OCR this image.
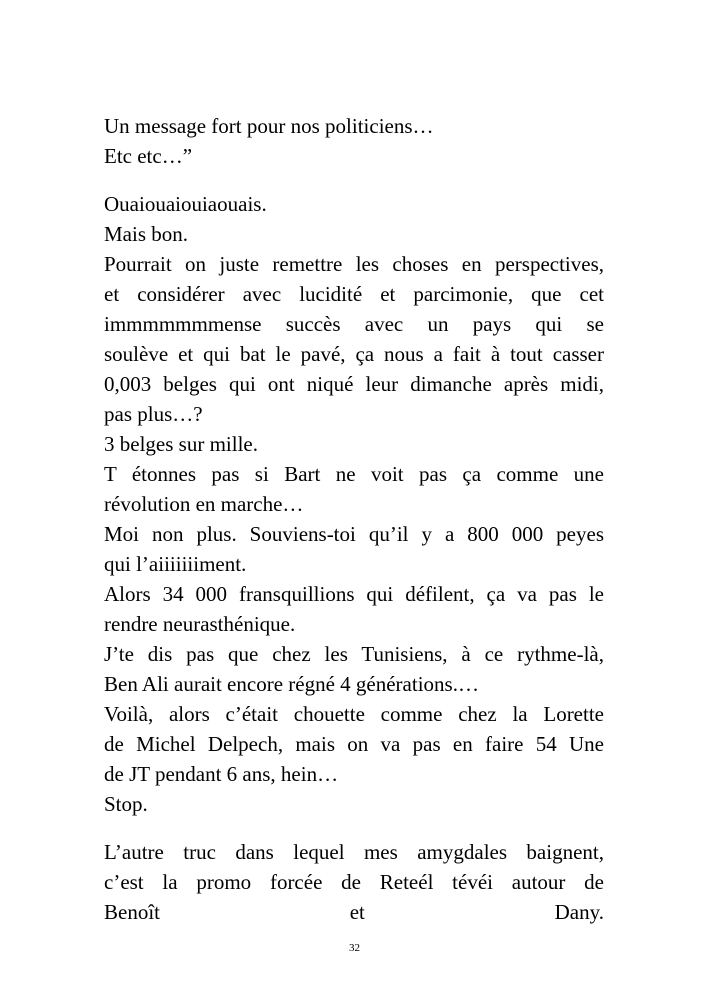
Un message fort pour nos politiciens…
Etc etc…”
Ouaiouaiouiaouais.
Mais bon.
Pourrait on juste remettre les choses en perspectives,
et considérer avec lucidité et parcimonie, que cet
immmmmmmense succès avec un pays qui se
soulève et qui bat le pavé, ça nous a fait à tout casser
0,003 belges qui ont niqué leur dimanche après midi,
pas plus…?
3 belges sur mille.
T étonnes pas si Bart ne voit pas ça comme une
révolution en marche…
Moi non plus. Souviens-toi qu’il y a 800 000 peyes
qui l’aiiiiiiiment.
Alors 34 000 fransquillions qui défilent, ça va pas le
rendre neurasthénique.
J’te dis pas que chez les Tunisiens, à ce rythme-là,
Ben Ali aurait encore régné 4 générations.…
Voilà, alors c’était chouette comme chez la Lorette
de Michel Delpech, mais on va pas en faire 54 Une
de JT pendant 6 ans, hein…
Stop.
L’autre truc dans lequel mes amygdales baignent,
c’est la promo forcée de Reteél tévéi autour de
Benoît et Dany.
32
